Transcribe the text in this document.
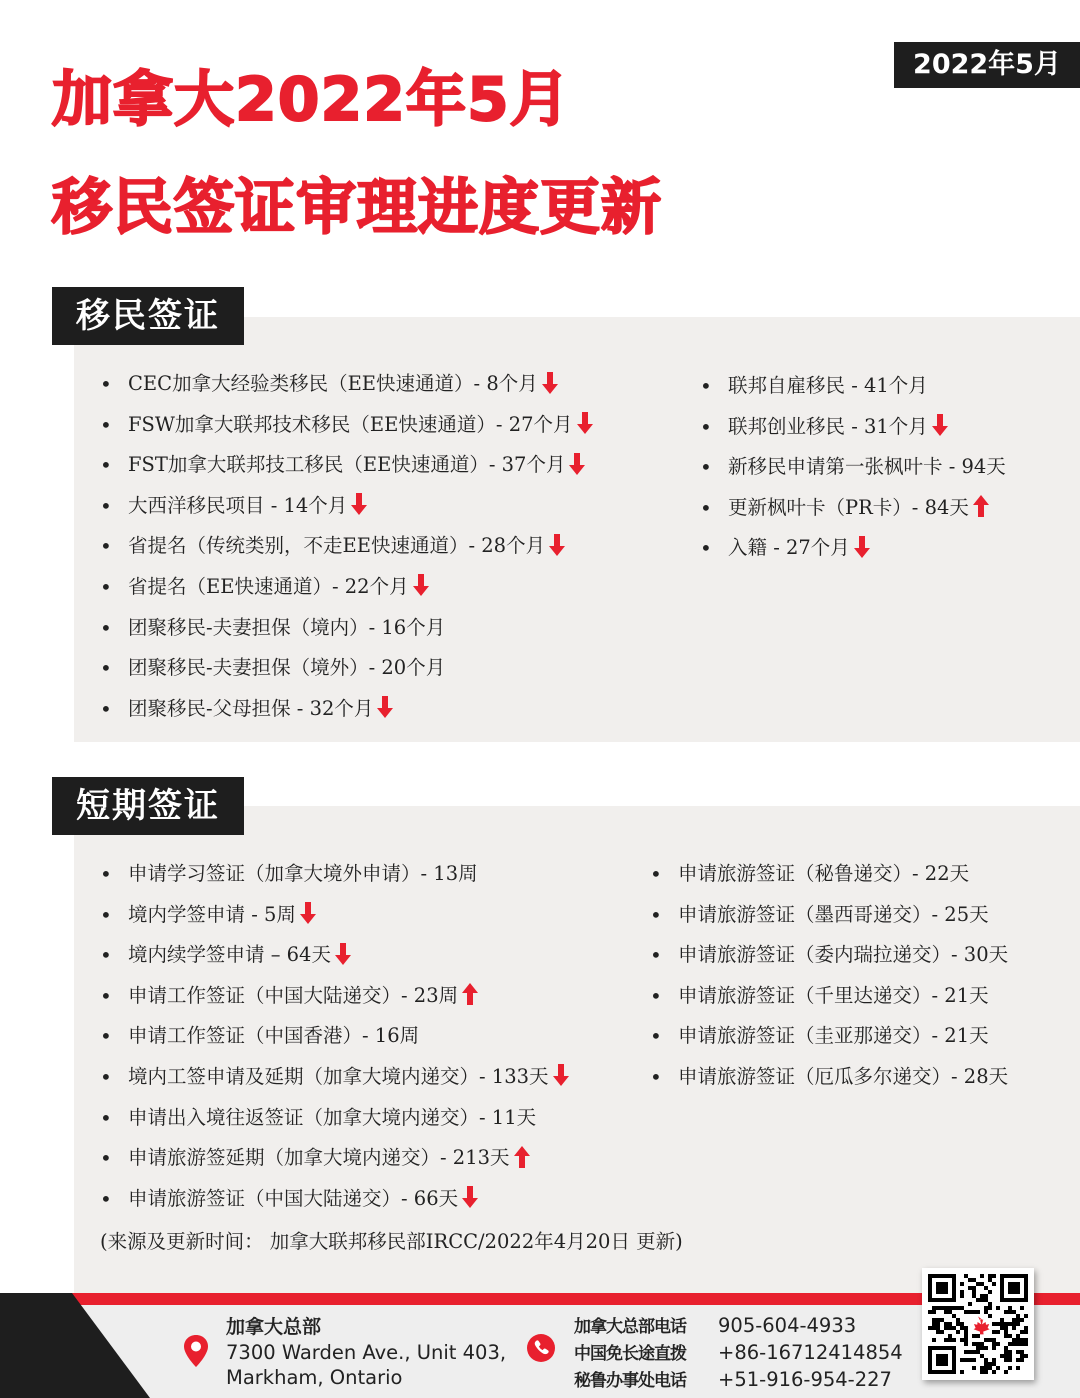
2022年5月
加拿大2022年5月
移民签证审理进度更新
移民签证
• CEC加拿大经验类移民（EE快速通道）- 8个月
• FSW加拿大联邦技术移民（EE快速通道）- 27个月
• FST加拿大联邦技工移民（EE快速通道）- 37个月
• 大西洋移民项目 - 14个月
• 省提名（传统类别，不走EE快速通道）- 28个月
• 省提名（EE快速通道）- 22个月
• 团聚移民-夫妻担保（境内）- 16个月
• 团聚移民-夫妻担保（境外）- 20个月
• 团聚移民-父母担保 - 32个月
• 联邦自雇移民 - 41个月
• 联邦创业移民 - 31个月
• 新移民申请第一张枫叶卡 - 94天
• 更新枫叶卡（PR卡）- 84天
• 入籍 - 27个月
短期签证
• 申请学习签证（加拿大境外申请）- 13周
• 境内学签申请 - 5周
• 境内续学签申请 – 64天
• 申请工作签证（中国大陆递交）- 23周
• 申请工作签证（中国香港）- 16周
• 境内工签申请及延期（加拿大境内递交）- 133天
• 申请出入境往返签证（加拿大境内递交）- 11天
• 申请旅游签延期（加拿大境内递交）- 213天
• 申请旅游签证（中国大陆递交）- 66天
• 申请旅游签证（秘鲁递交）- 22天
• 申请旅游签证（墨西哥递交）- 25天
• 申请旅游签证（委内瑞拉递交）- 30天
• 申请旅游签证（千里达递交）- 21天
• 申请旅游签证（圭亚那递交）- 21天
• 申请旅游签证（厄瓜多尔递交）- 28天
(来源及更新时间： 加拿大联邦移民部IRCC/2022年4月20日 更新)
加拿大总部
7300 Warden Ave., Unit 403,
Markham, Ontario
加拿大总部电话 905-604-4933
中国免长途直拨 +86-16712414854
秘鲁办事处电话 +51-916-954-227
